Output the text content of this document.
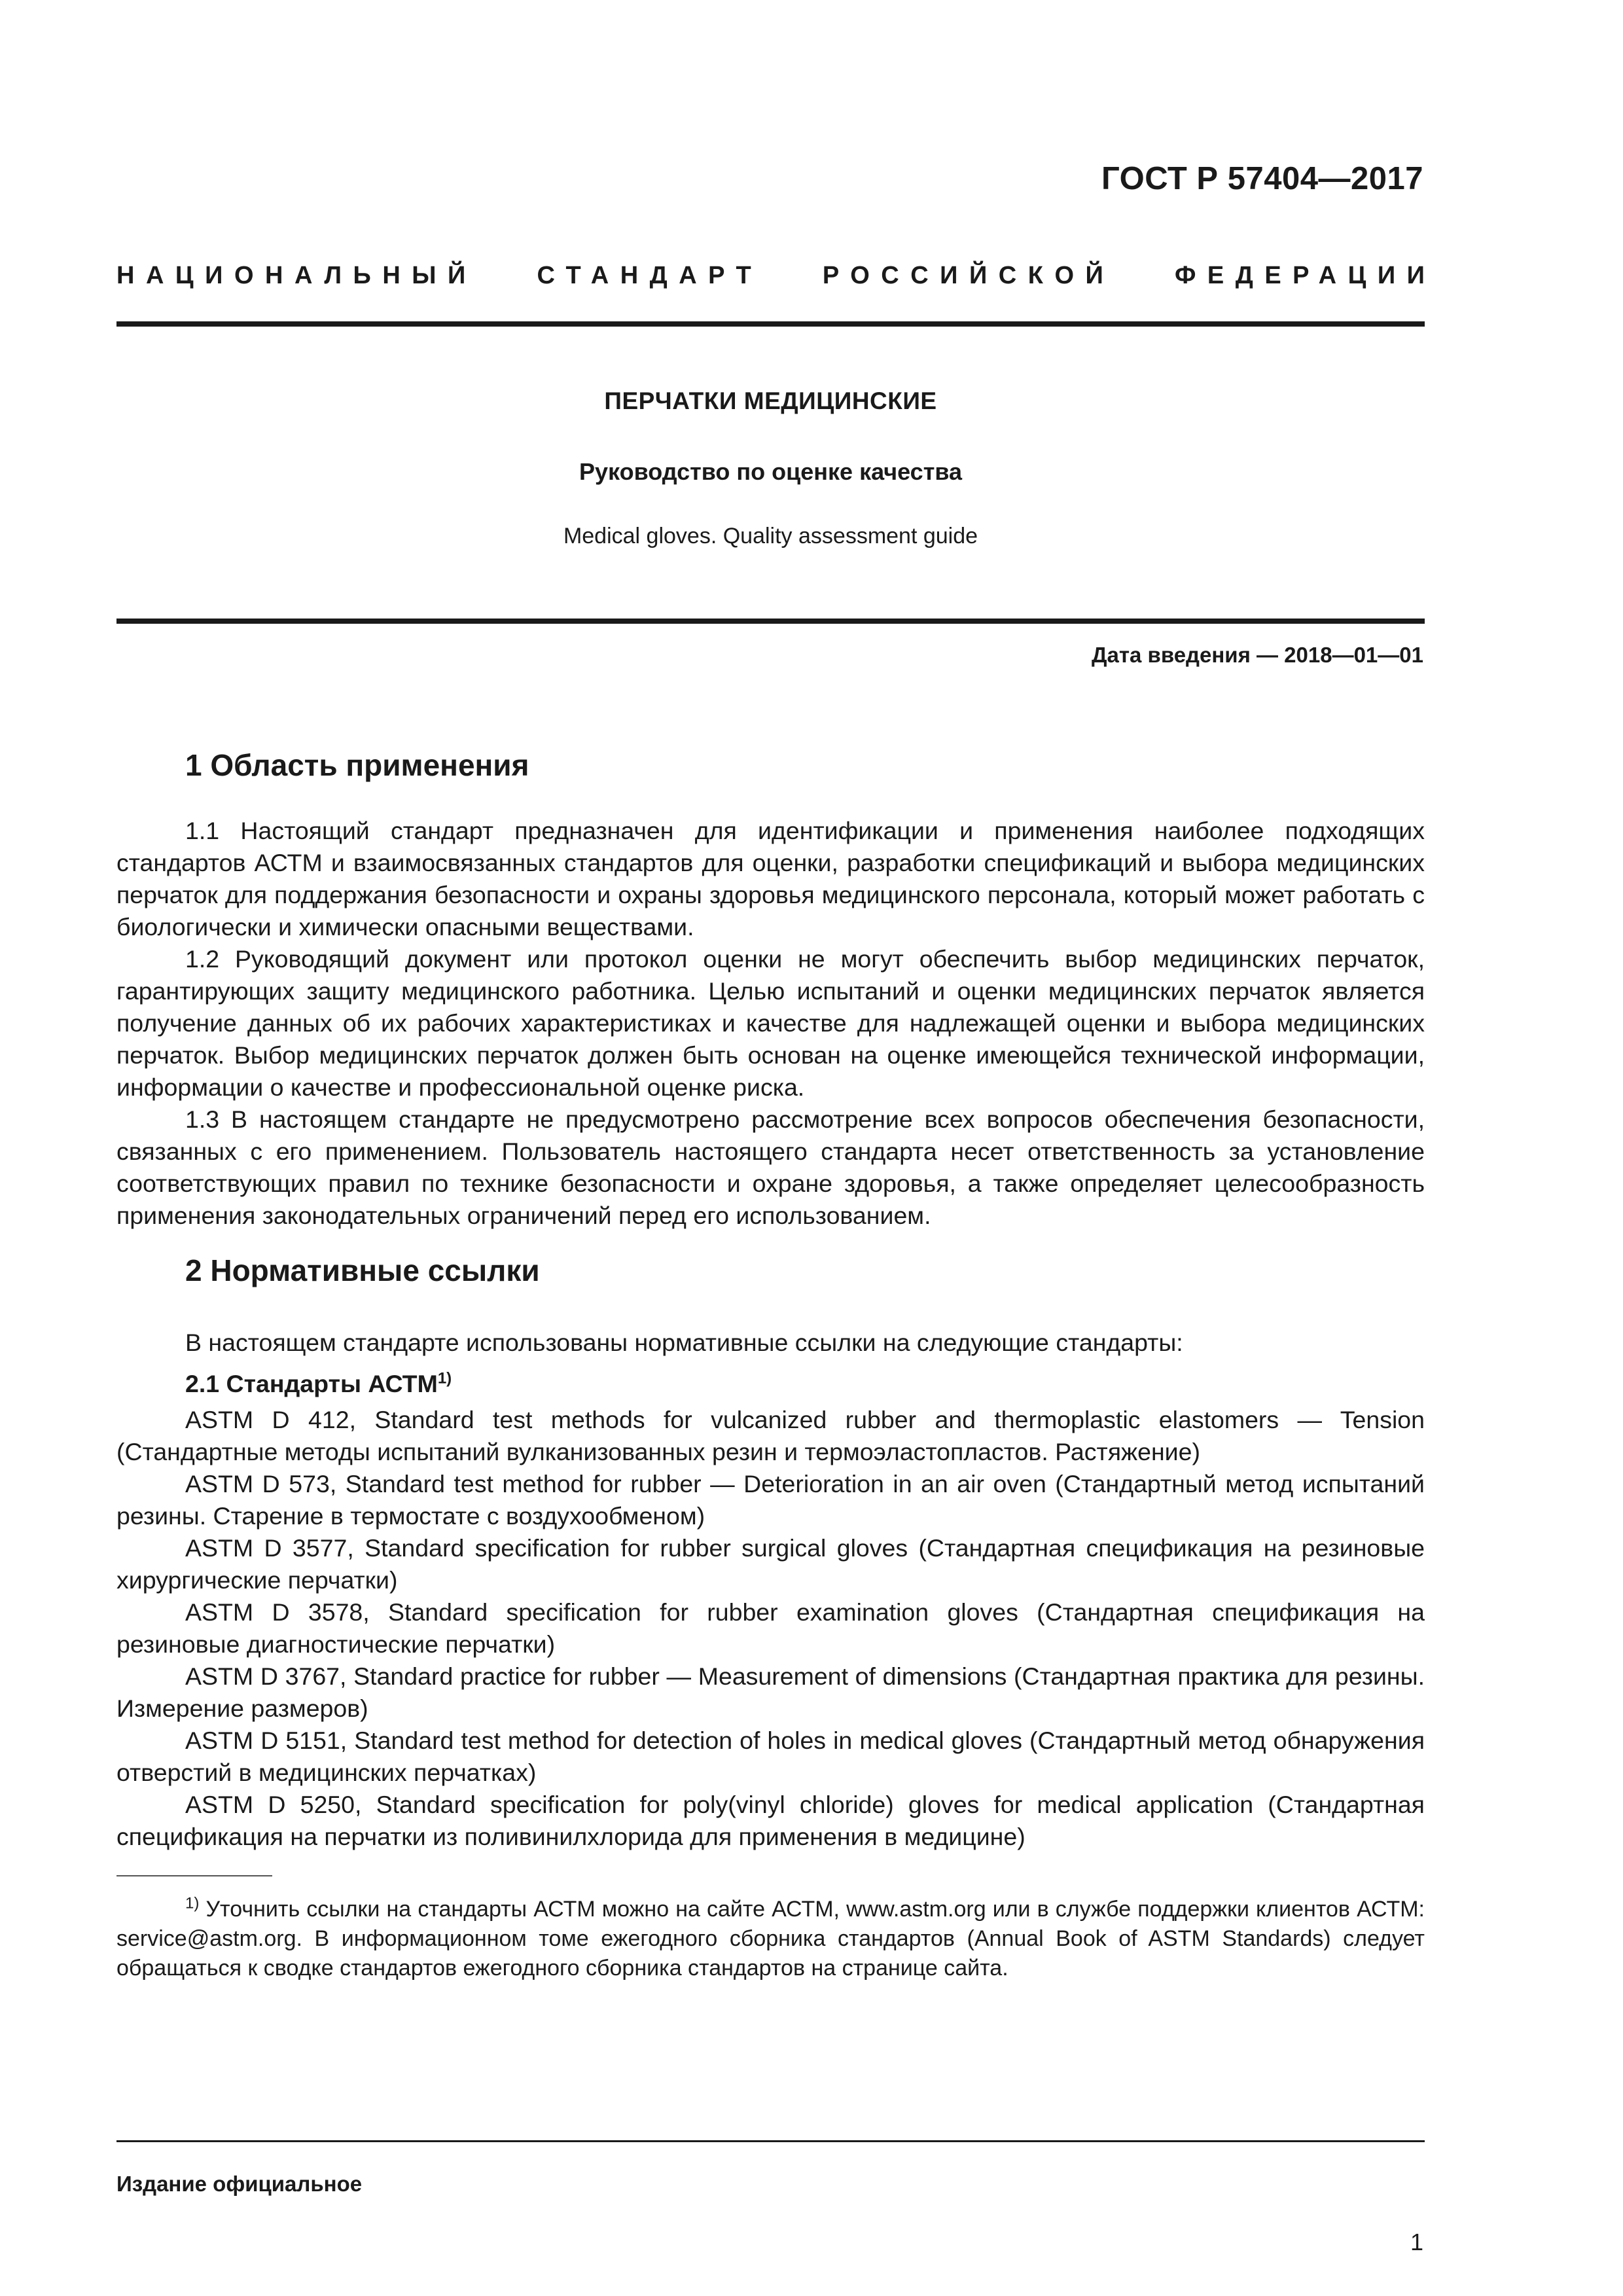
ГОСТ Р 57404—2017
НАЦИОНАЛЬНЫЙ СТАНДАРТ РОССИЙСКОЙ ФЕДЕРАЦИИ
ПЕРЧАТКИ МЕДИЦИНСКИЕ
Руководство по оценке качества
Medical gloves. Quality assessment guide
Дата введения — 2018—01—01
1 Область применения

1.1 Настоящий стандарт предназначен для идентификации и применения наиболее подходящих стандартов АСТМ и взаимосвязанных стандартов для оценки, разработки спецификаций и выбора медицинских перчаток для поддержания безопасности и охраны здоровья медицинского персонала, который может работать с биологически и химически опасными веществами.

1.2 Руководящий документ или протокол оценки не могут обеспечить выбор медицинских перчаток, гарантирующих защиту медицинского работника. Целью испытаний и оценки медицинских перчаток является получение данных об их рабочих характеристиках и качестве для надлежащей оценки и выбора медицинских перчаток. Выбор медицинских перчаток должен быть основан на оценке имеющейся технической информации, информации о качестве и профессиональной оценке риска.

1.3 В настоящем стандарте не предусмотрено рассмотрение всех вопросов обеспечения безопасности, связанных с его применением. Пользователь настоящего стандарта несет ответственность за установление соответствующих правил по технике безопасности и охране здоровья, а также определяет целесообразность применения законодательных ограничений перед его использованием.

2 Нормативные ссылки

В настоящем стандарте использованы нормативные ссылки на следующие стандарты:

2.1 Стандарты АСТМ$^{1)}$

ASTM D 412, Standard test methods for vulcanized rubber and thermoplastic elastomers — Tension (Стандартные методы испытаний вулканизованных резин и термоэластопластов. Растяжение)

ASTM D 573, Standard test method for rubber — Deterioration in an air oven (Стандартный метод испытаний резины. Старение в термостате с воздухообменом)

ASTM D 3577, Standard specification for rubber surgical gloves (Стандартная спецификация на резиновые хирургические перчатки)

ASTM D 3578, Standard specification for rubber examination gloves (Стандартная спецификация на резиновые диагностические перчатки)

ASTM D 3767, Standard practice for rubber — Measurement of dimensions (Стандартная практика для резины. Измерение размеров)

ASTM D 5151, Standard test method for detection of holes in medical gloves (Стандартный метод обнаружения отверстий в медицинских перчатках)

ASTM D 5250, Standard specification for poly(vinyl chloride) gloves for medical application (Стандартная спецификация на перчатки из поливинилхлорида для применения в медицине)

$^{1)}$ Уточнить ссылки на стандарты АСТМ можно на сайте АСТМ, www.astm.org или в службе поддержки клиентов АСТМ: service@astm.org. В информационном томе ежегодного сборника стандартов (Annual Book of ASTM Standards) следует обращаться к сводке стандартов ежегодного сборника стандартов на странице сайта.

Издание официальное
1
